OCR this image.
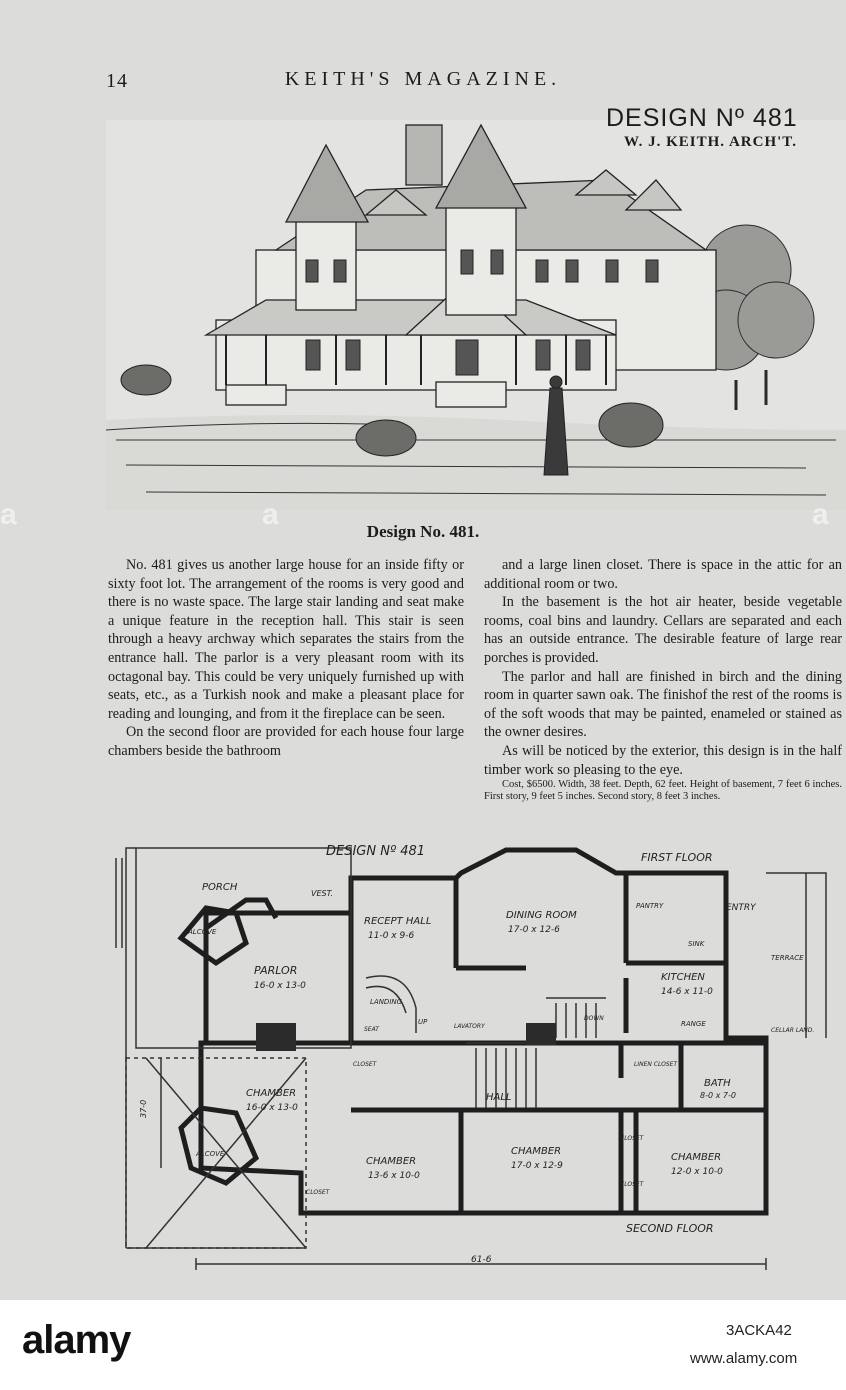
14	KEITH'S MAGAZINE.
DESIGN Nº 481
W. J. KEITH. ARCH'T.
Design No. 481.

No. 481 gives us another large house for an inside fifty or sixty foot lot. The arrangement of the rooms is very good and there is no waste space. The large stair landing and seat make a unique feature in the reception hall. This stair is seen through a heavy archway which separates the stairs from the entrance hall. The parlor is a very pleasant room with its octagonal bay. This could be very uniquely furnished up with seats, etc., as a Turkish nook and make a pleasant place for reading and lounging, and from it the fireplace can be seen.

On the second floor are provided for each house four large chambers beside the bathroom

and a large linen closet. There is space in the attic for an additional room or two.

In the basement is the hot air heater, beside vegetable rooms, coal bins and laundry. Cellars are separated and each has an outside entrance. The desirable feature of large rear porches is provided.

The parlor and hall are finished in birch and the dining room in quarter sawn oak. The finishof the rest of the rooms is of the soft woods that may be painted, enameled or stained as the owner desires.

As will be noticed by the exterior, this design is in the half timber work so pleasing to the eye.

Cost, $6500. Width, 38 feet. Depth, 62 feet. Height of basement, 7 feet 6 inches. First story, 9 feet 5 inches. Second story, 8 feet 3 inches.

DESIGN Nº 481	FIRST FLOOR
SECOND FLOOR
PORCH
VEST.
RECEPT HALL
11-0 x 9-6
DINING ROOM
17-0 x 12-6
PANTRY	ENTRY
SINK
KITCHEN
14-6 x 11-0
RANGE
TERRACE
CELLAR LAND.
ALCOVE
PARLOR
16-0 x 13-0
LANDING
SEAT
UP
LAVATORY
DOWN
CLOSET	LINEN CLOSET
BATH
8-0 x 7-0
HALL
CHAMBER
16-0 x 13-0
CHAMBER
13-6 x 10-0
CHAMBER
17-0 x 12-9
CHAMBER
12-0 x 10-0
CLOSET
CLOSET
CLOSET
ALCOVE
37-0
61-6
a	a	a
alamy	3ACKA42
www.alamy.com
